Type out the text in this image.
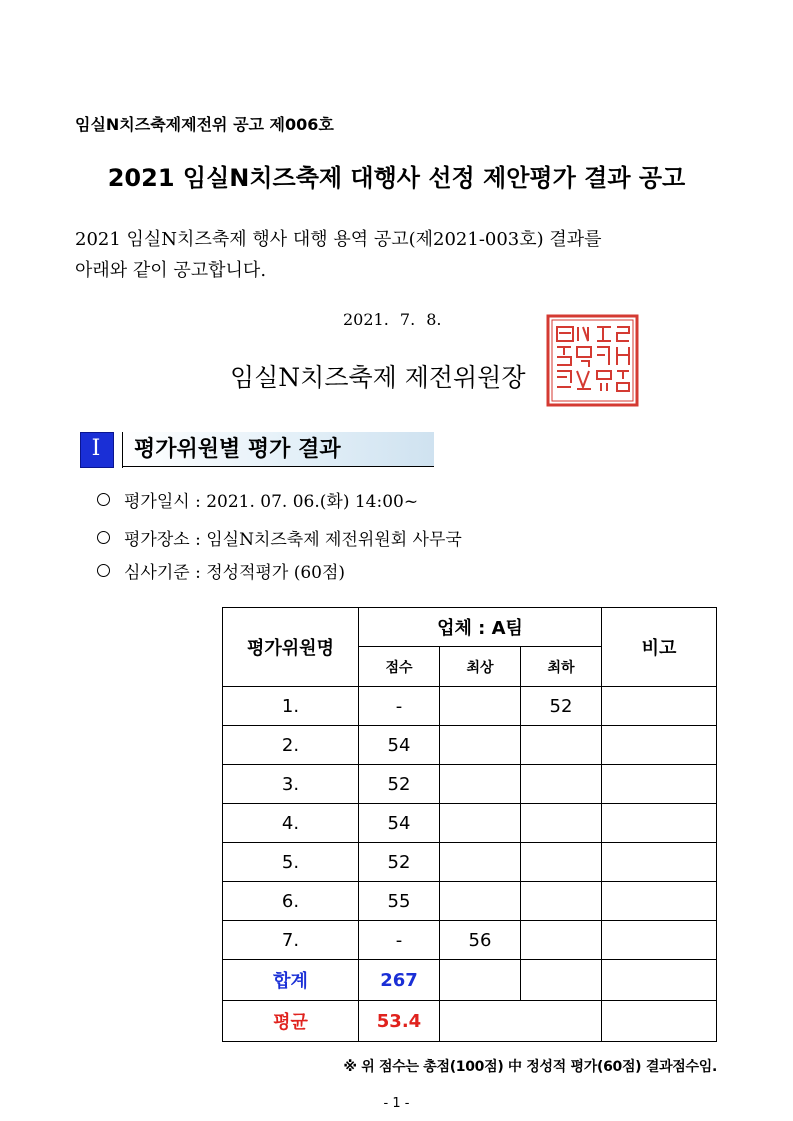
임실N치즈축제제전위 공고 제006호
2021 임실N치즈축제 대행사 선정 제안평가 결과 공고
2021 임실N치즈축제 행사 대행 용역 공고(제2021-003호) 결과를
아래와 같이 공고합니다.
2021. 7. 8.
임실N치즈축제 제전위원장
I	평가위원별 평가 결과
평가일시 : 2021. 07. 06.(화) 14:00~
평가장소 : 임실N치즈축제 제전위원회 사무국
심사기준 : 정성적평가 (60점)
평가위원명	업체 : A팀			비고
	점수	최상	최하	
1.	-		52	
2.	54			
3.	52			
4.	54			
5.	52			
6.	55			
7.	-	56		
합계	267			
평균	53.4			
※ 위 점수는 총점(100점) 中 정성적 평가(60점) 결과점수임.
- 1 -
